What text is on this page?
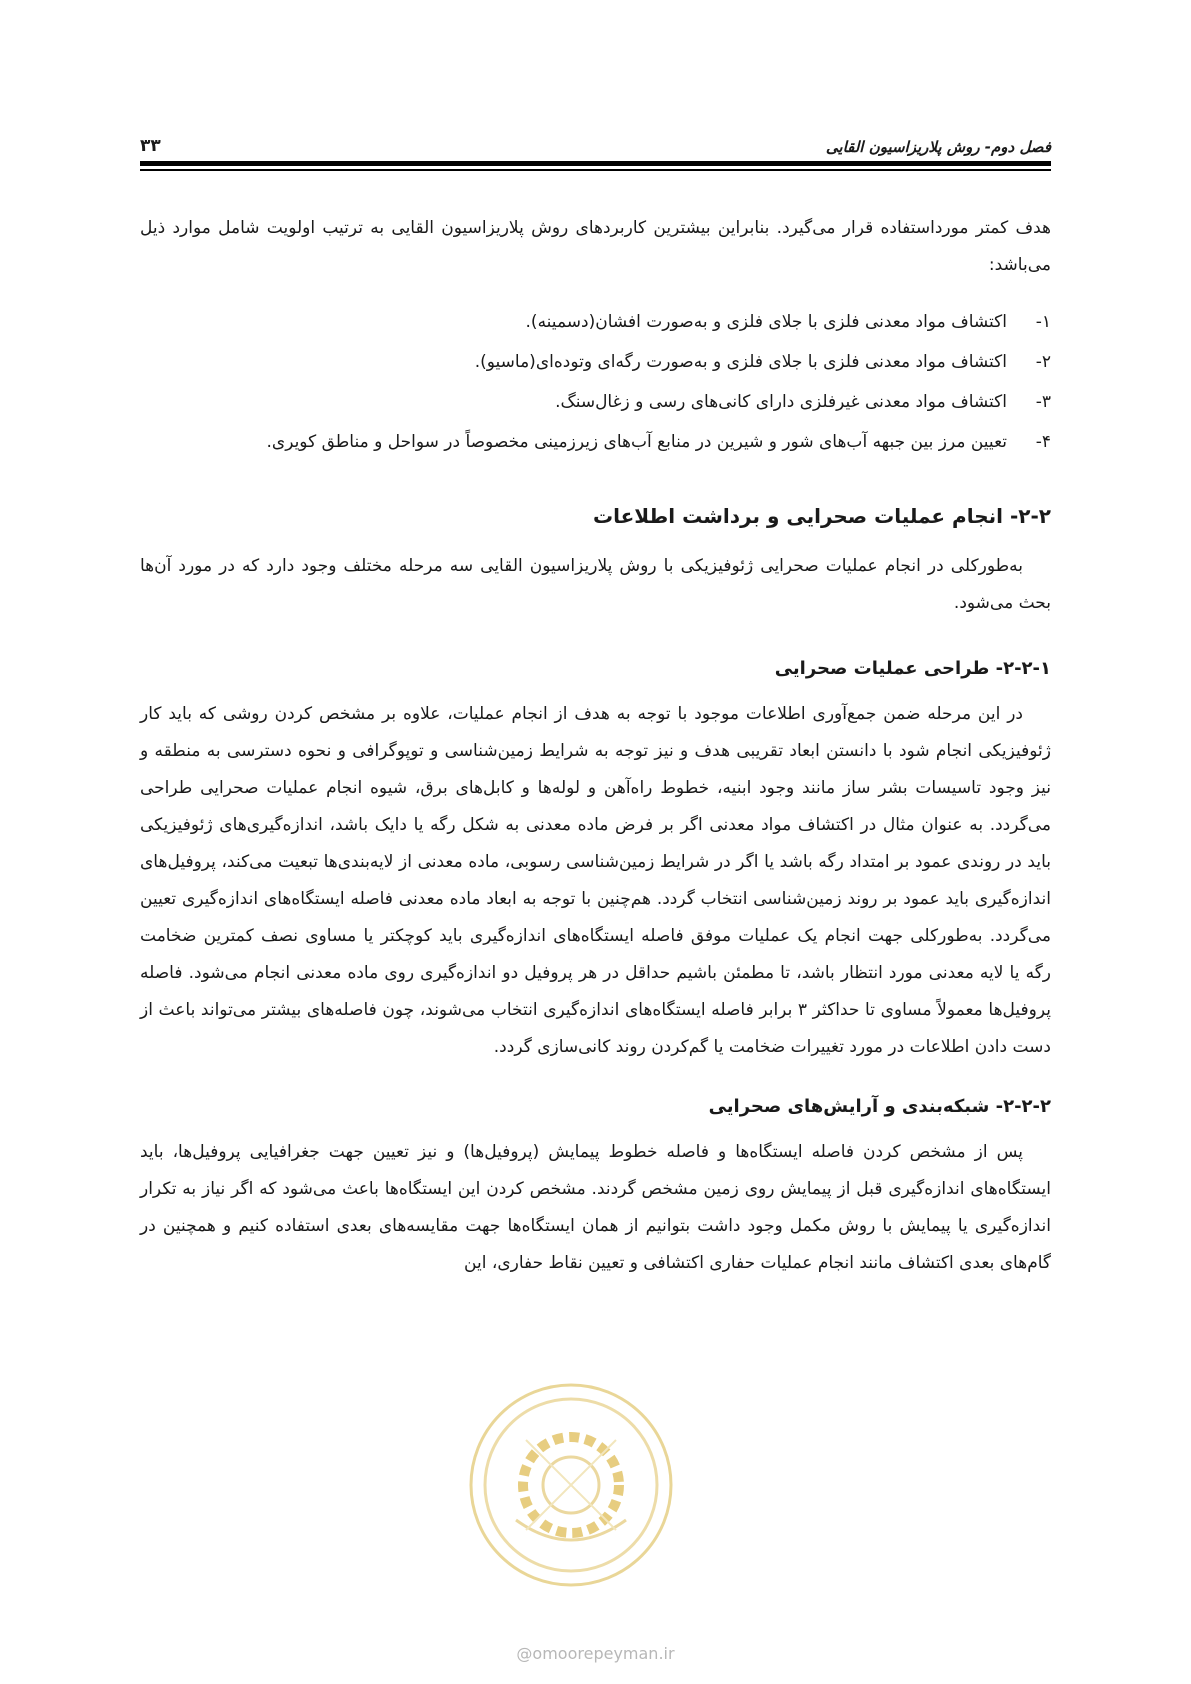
فصل دوم- روش پلاریزاسیون القایی
۳۳

هدف کمتر مورداستفاده قرار می‌گیرد. بنابراین بیشترین کاربردهای روش پلاریزاسیون القایی به ترتیب اولویت شامل موارد ذیل می‌باشد:

۱-
اکتشاف مواد معدنی فلزی با جلای فلزی و به‌صورت افشان(دسمینه).
۲-
اکتشاف مواد معدنی فلزی با جلای فلزی و به‌صورت رگه‌ای وتوده‌ای(ماسیو).
۳-
اکتشاف مواد معدنی غیرفلزی دارای کانی‌های رسی و زغال‌سنگ.
۴-
تعیین مرز بین جبهه آب‌های شور و شیرین در منابع آب‌های زیرزمینی مخصوصاً در سواحل و مناطق کویری.
۲-۲- انجام عملیات صحرایی و برداشت اطلاعات

به‌طورکلی در انجام عملیات صحرایی ژئوفیزیکی با روش پلاریزاسیون القایی سه مرحله مختلف وجود دارد که در مورد آن‌ها بحث می‌شود.

۲-۲-۱- طراحی عملیات صحرایی

در این مرحله ضمن جمع‌آوری اطلاعات موجود با توجه به هدف از انجام عملیات، علاوه بر مشخص کردن روشی که باید کار ژئوفیزیکی انجام شود با دانستن ابعاد تقریبی هدف و نیز توجه به شرایط زمین‌شناسی و توپوگرافی و نحوه دسترسی به منطقه و نیز وجود تاسیسات بشر ساز مانند وجود ابنیه، خطوط راه‌آهن و لوله‌ها و کابل‌های برق، شیوه انجام عملیات صحرایی طراحی می‌گردد. به عنوان مثال در اکتشاف مواد معدنی اگر بر فرض ماده معدنی به شکل رگه یا دایک باشد، اندازه‌گیری‌های ژئوفیزیکی باید در روندی عمود بر امتداد رگه باشد یا اگر در شرایط زمین‌شناسی رسوبی، ماده معدنی از لایه‌بندی‌ها تبعیت می‌کند، پروفیل‌های اندازه‌گیری باید عمود بر روند زمین‌شناسی انتخاب گردد. هم‌چنین با توجه به ابعاد ماده معدنی فاصله ایستگاه‌های اندازه‌گیری تعیین می‌گردد. به‌طورکلی جهت انجام یک عملیات موفق فاصله ایستگاه‌های اندازه‌گیری باید کوچکتر یا مساوی نصف کمترین ضخامت رگه یا لایه معدنی مورد انتظار باشد، تا مطمئن باشیم حداقل در هر پروفیل دو اندازه‌گیری روی ماده معدنی انجام می‌شود. فاصله پروفیل‌ها معمولاً مساوی تا حداکثر ۳ برابر فاصله ایستگاه‌های اندازه‌گیری انتخاب می‌شوند، چون فاصله‌های بیشتر می‌تواند باعث از دست دادن اطلاعات در مورد تغییرات ضخامت یا گم‌کردن روند کانی‌سازی گردد.

۲-۲-۲- شبکه‌بندی و آرایش‌های صحرایی

پس از مشخص کردن فاصله ایستگاه‌ها و فاصله خطوط پیمایش (پروفیل‌ها) و نیز تعیین جهت جغرافیایی پروفیل‌ها، باید ایستگاه‌های اندازه‌گیری قبل از پیمایش روی زمین مشخص گردند. مشخص کردن این ایستگاه‌ها باعث می‌شود که اگر نیاز به تکرار اندازه‌گیری یا پیمایش با روش مکمل وجود داشت بتوانیم از همان ایستگاه‌ها جهت مقایسه‌های بعدی استفاده کنیم و همچنین در گام‌های بعدی اکتشاف مانند انجام عملیات حفاری اکتشافی و تعیین نقاط حفاری، این

@omoorepeyman.ir
